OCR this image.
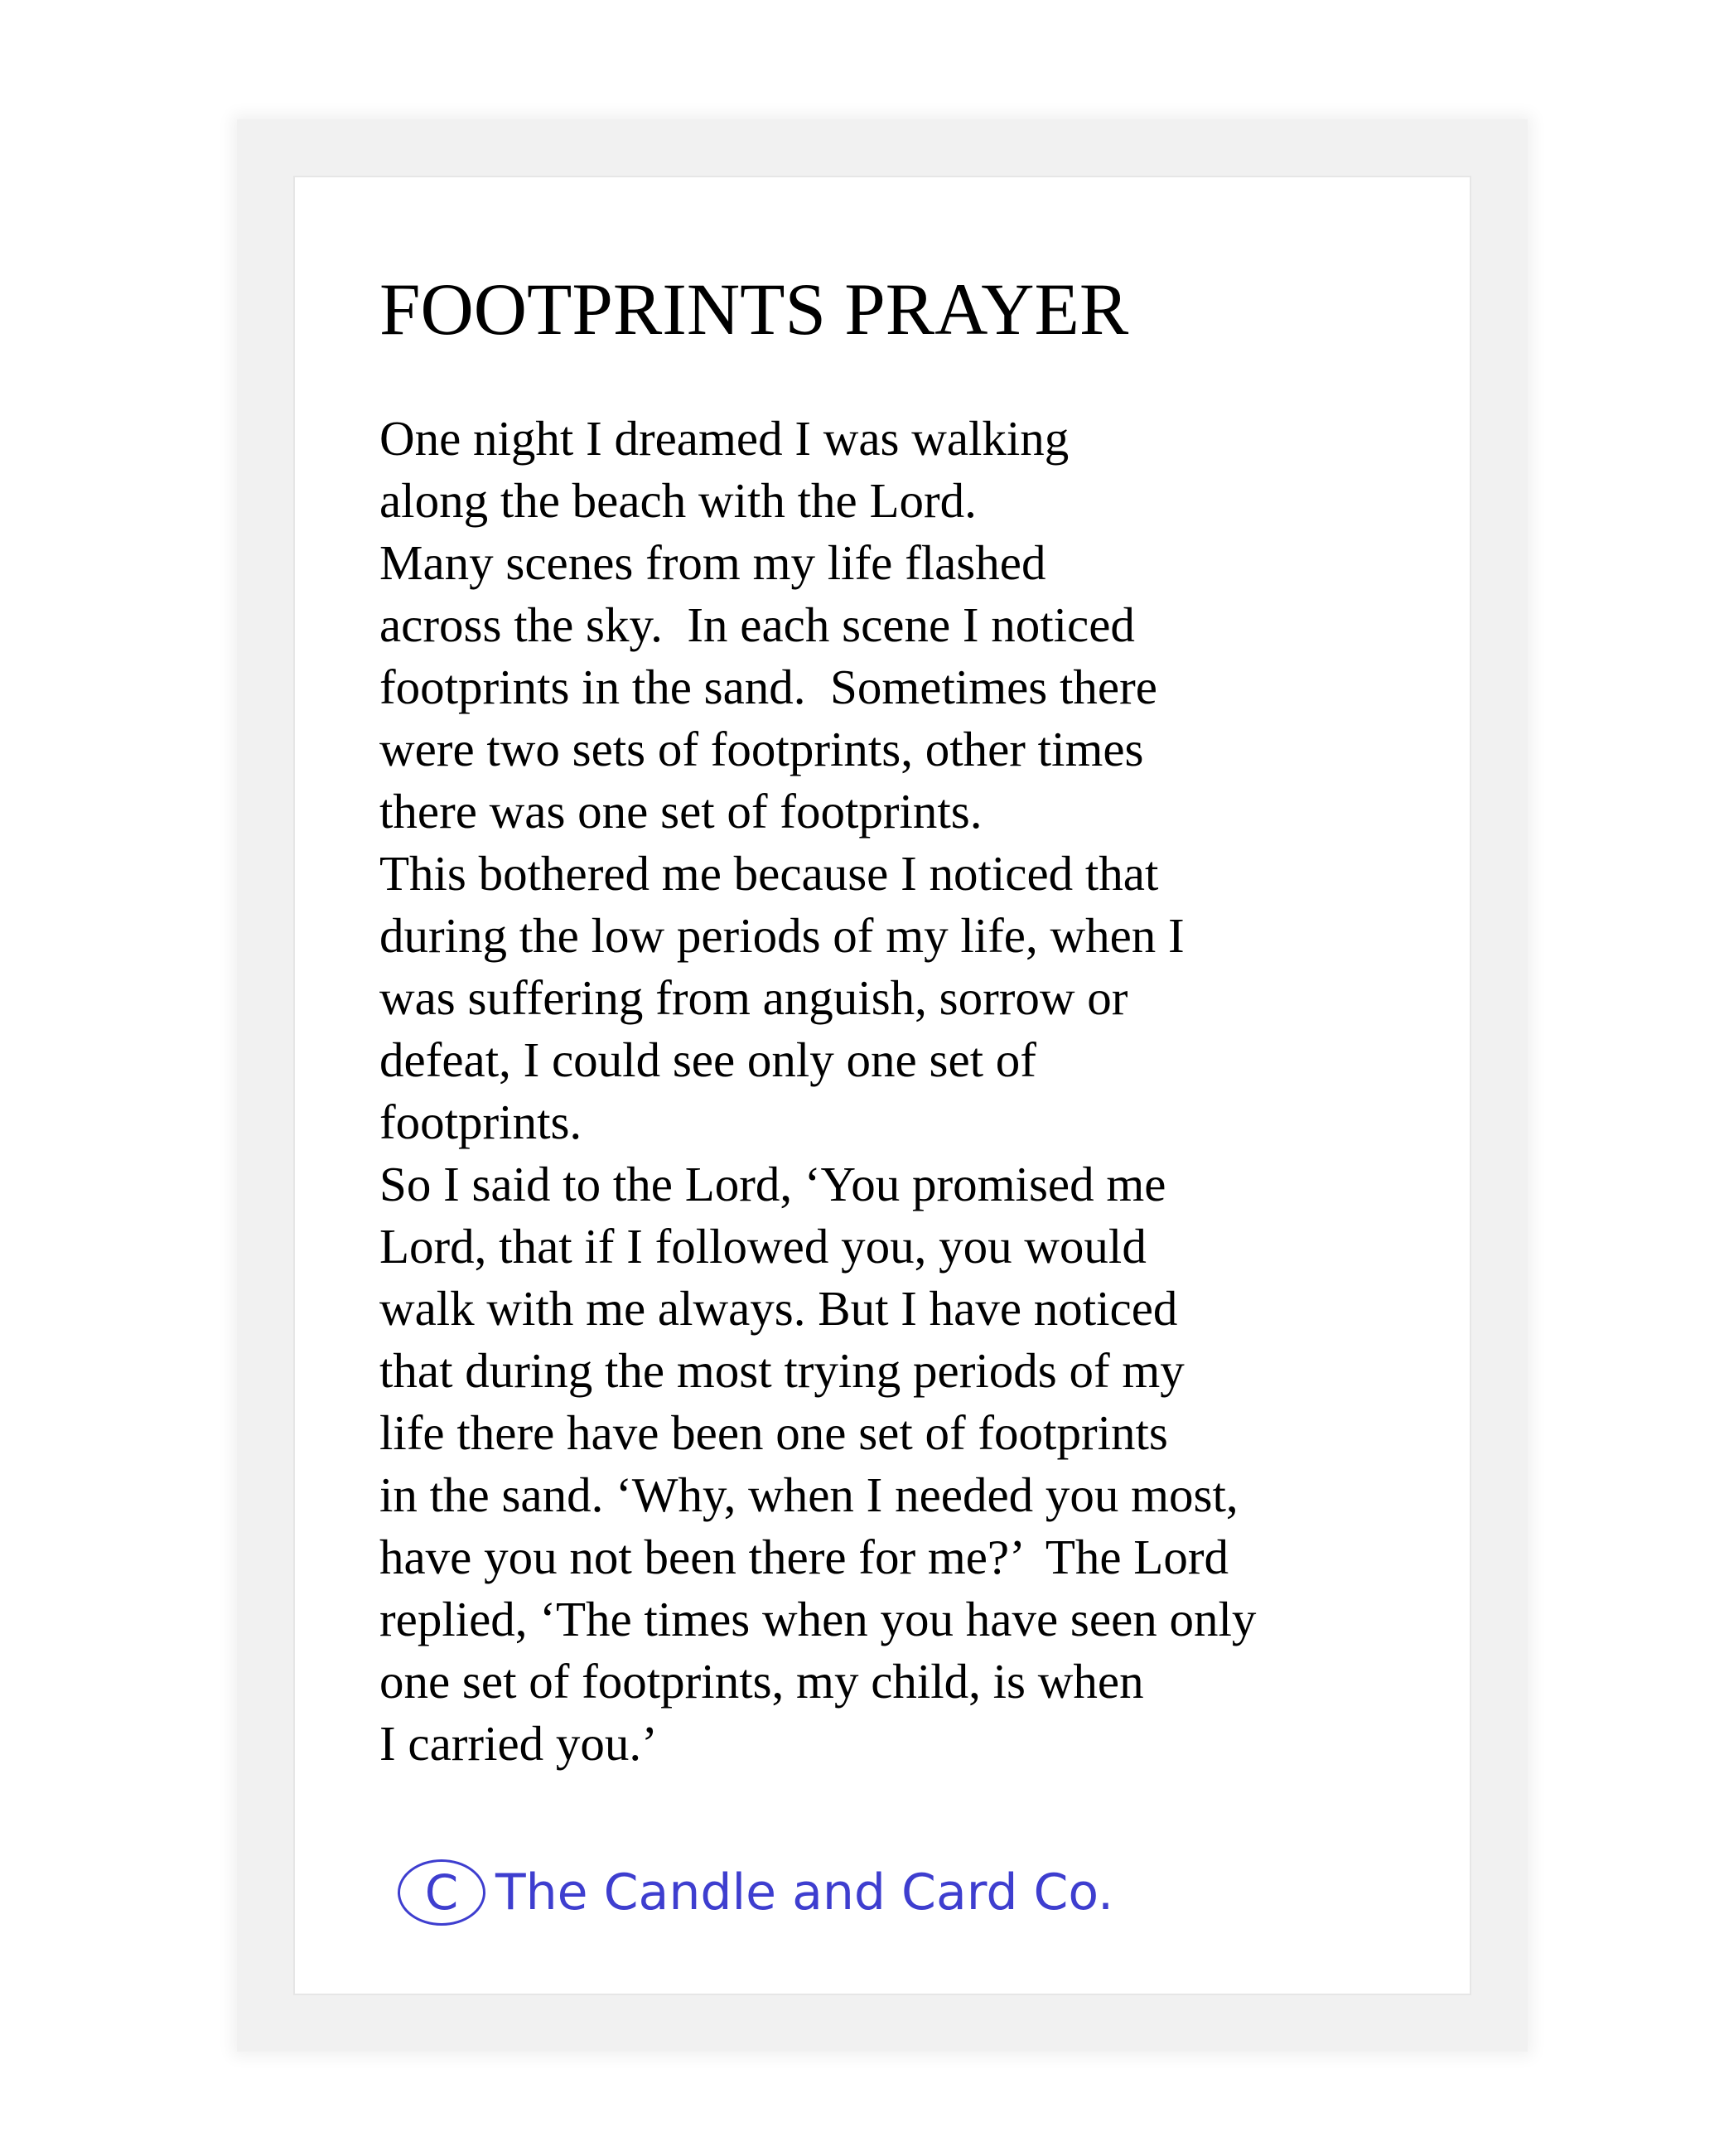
FOOTPRINTS PRAYER
One night I dreamed I was walking
along the beach with the Lord.
Many scenes from my life flashed
across the sky.  In each scene I noticed
footprints in the sand.  Sometimes there
were two sets of footprints, other times
there was one set of footprints.
This bothered me because I noticed that
during the low periods of my life, when I
was suffering from anguish, sorrow or
defeat, I could see only one set of
footprints.
So I said to the Lord, ‘You promised me
Lord, that if I followed you, you would
walk with me always. But I have noticed
that during the most trying periods of my
life there have been one set of footprints
in the sand. ‘Why, when I needed you most,
have you not been there for me?’  The Lord
replied, ‘The times when you have seen only
one set of footprints, my child, is when
I carried you.’
C The Candle and Card Co.
